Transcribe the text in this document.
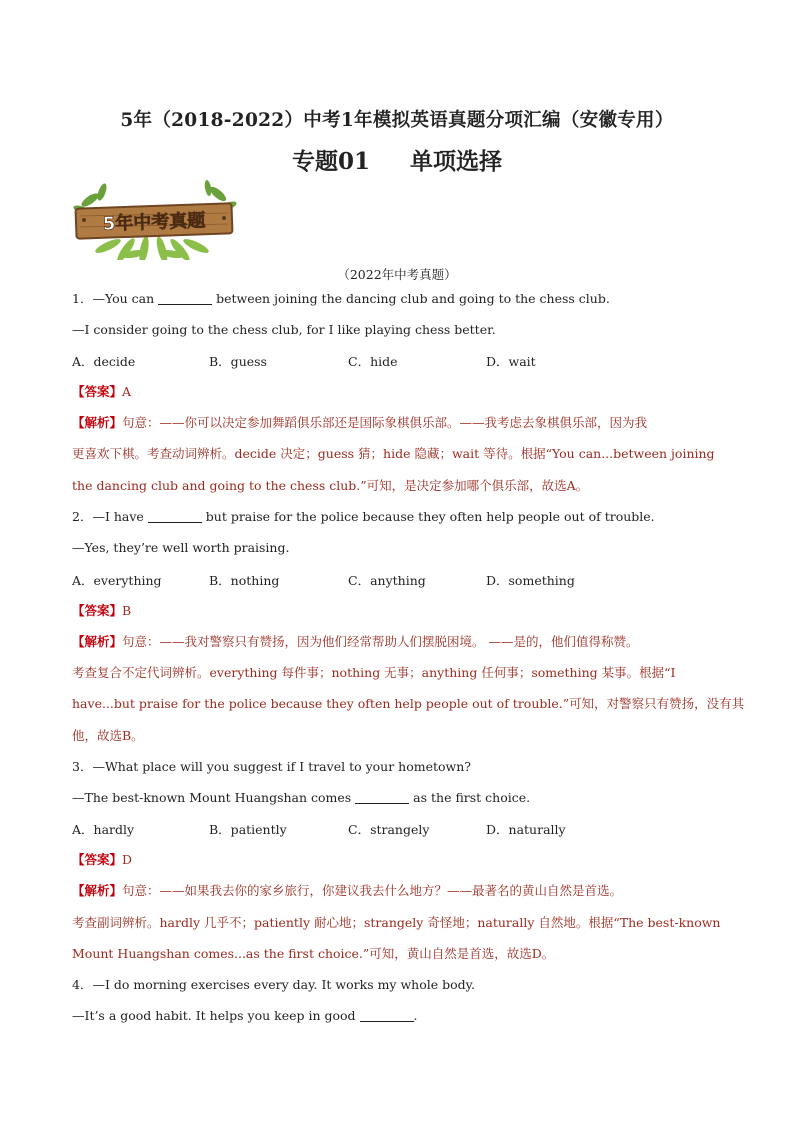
5年（2018-2022）中考1年模拟英语真题分项汇编（安徽专用）
专题01 单项选择
5年中考真题
（2022年中考真题）
1．—You can	between joining the dancing club and going to the chess club.
—I consider going to the chess club, for I like playing chess better.
A．decide	B．guess	C．hide	D．wait
【答案】A
【解析】句意：——你可以决定参加舞蹈俱乐部还是国际象棋俱乐部。——我考虑去象棋俱乐部，因为我
更喜欢下棋。考查动词辨析。decide 决定；guess 猜；hide 隐藏；wait 等待。根据“You can...between joining
the dancing club and going to the chess club.”可知，是决定参加哪个俱乐部，故选A。
2．—I have	but praise for the police because they often help people out of trouble.
—Yes, they’re well worth praising.
A．everything	B．nothing	C．anything	D．something
【答案】B
【解析】句意：——我对警察只有赞扬，因为他们经常帮助人们摆脱困境。 ——是的，他们值得称赞。
考查复合不定代词辨析。everything 每件事；nothing 无事；anything 任何事；something 某事。根据“I
have...but praise for the police because they often help people out of trouble.”可知，对警察只有赞扬，没有其
他，故选B。
3．—What place will you suggest if I travel to your hometown?
—The best-known Mount Huangshan comes	as the first choice.
A．hardly	B．patiently	C．strangely	D．naturally
【答案】D
【解析】句意：——如果我去你的家乡旅行，你建议我去什么地方？——最著名的黄山自然是首选。
考查副词辨析。hardly 几乎不；patiently 耐心地；strangely 奇怪地；naturally 自然地。根据“The best-known
Mount Huangshan comes...as the first choice.”可知，黄山自然是首选，故选D。
4．—I do morning exercises every day. It works my whole body.
—It’s a good habit. It helps you keep in good	.
